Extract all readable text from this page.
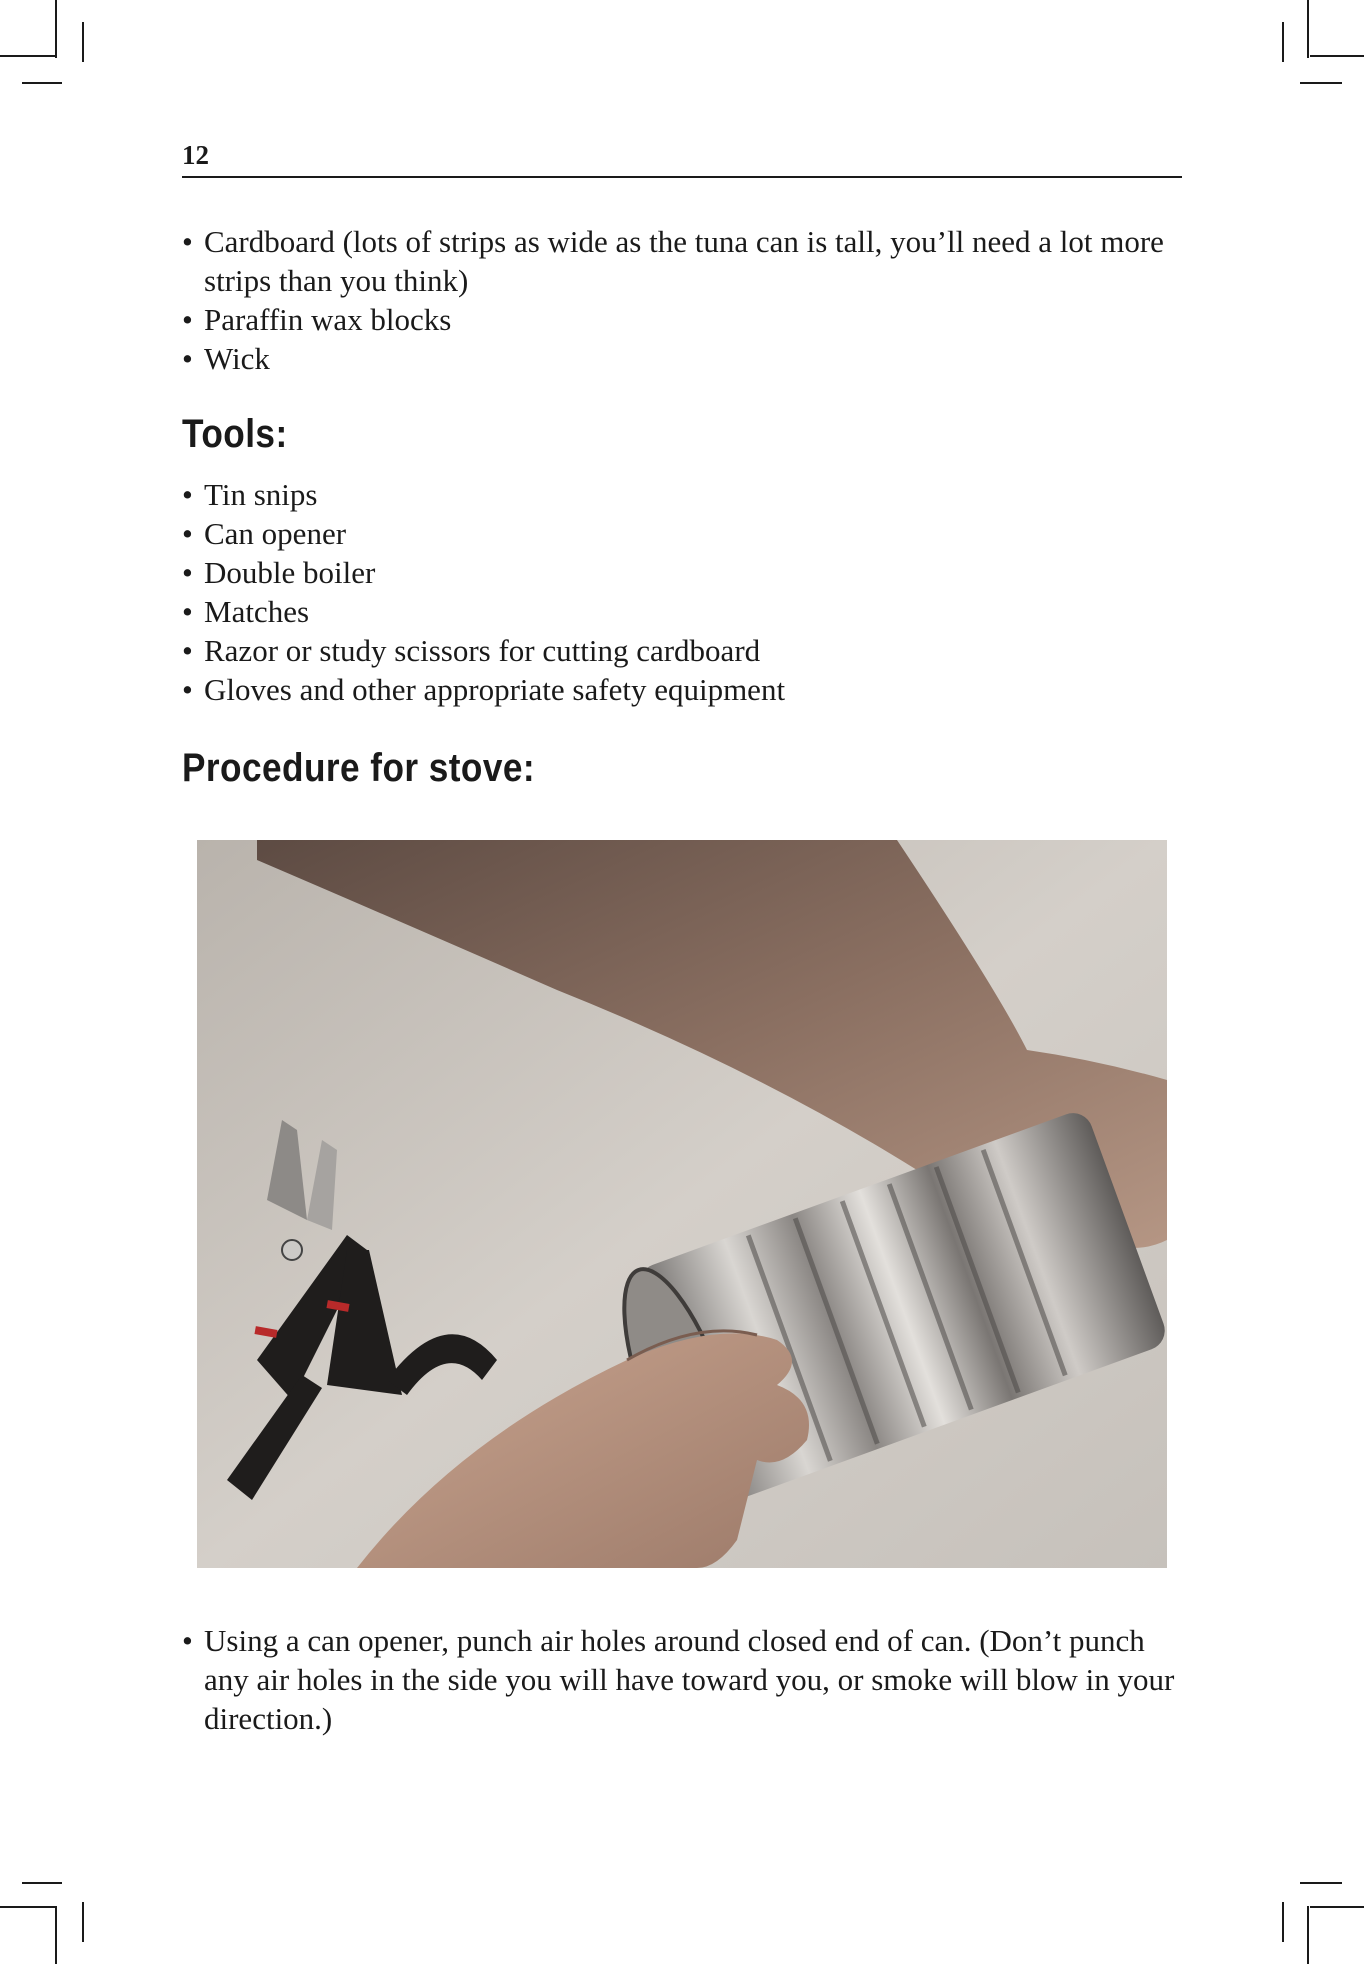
12
• Cardboard (lots of strips as wide as the tuna can is tall, you’ll need a lot more strips than you think)
• Paraffin wax blocks
• Wick
Tools:
• Tin snips
• Can opener
• Double boiler
• Matches
• Razor or study scissors for cutting cardboard
• Gloves and other appropriate safety equipment
Procedure for stove:
• Using a can opener, punch air holes around closed end of can. (Don’t punch any air holes in the side you will have toward you, or smoke will blow in your direction.)
